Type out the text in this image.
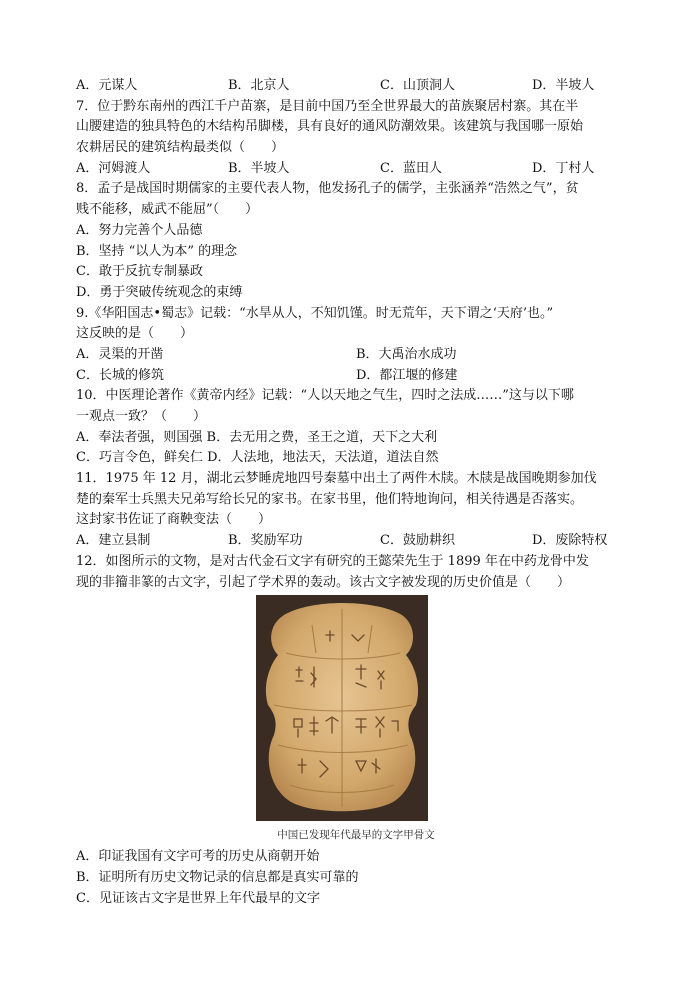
A．元谋人	B．北京人	C．山顶洞人	D．半坡人
7．位于黔东南州的西江千户苗寨，是目前中国乃至全世界最大的苗族聚居村寨。其在半
山腰建造的独具特色的木结构吊脚楼，具有良好的通风防潮效果。该建筑与我国哪一原始
农耕居民的建筑结构最类似（　　）
A．河姆渡人	B．半坡人	C．蓝田人	D．丁村人
8．孟子是战国时期儒家的主要代表人物，他发扬孔子的儒学，主张涵养“浩然之气”，贫
贱不能移，威武不能屈”（　　）
A．努力完善个人品德
B．坚持 “以人为本” 的理念
C．敢于反抗专制暴政
D．勇于突破传统观念的束缚
9.《华阳国志•蜀志》记载：“水旱从人，不知饥馑。时无荒年，天下谓之‘天府’也。”
这反映的是（　　）
A．灵渠的开凿	B．大禹治水成功
C．长城的修筑	D．都江堰的修建
10．中医理论著作《黄帝内经》记载：“人以天地之气生，四时之法成……”这与以下哪
一观点一致？（　　）
A．奉法者强，则国强 B．去无用之费，圣王之道，天下之大利
C．巧言令色，鲜矣仁 D．人法地，地法天，天法道，道法自然
11．1975 年 12 月，湖北云梦睡虎地四号秦墓中出土了两件木牍。木牍是战国晚期参加伐
楚的秦军士兵黑夫兄弟写给长兄的家书。在家书里，他们特地询问，相关待遇是否落实。
这封家书佐证了商鞅变法（　　）
A．建立县制	B．奖励军功	C．鼓励耕织	D．废除特权
12．如图所示的文物，是对古代金石文字有研究的王懿荣先生于 1899 年在中药龙骨中发
现的非籀非篆的古文字，引起了学术界的轰动。该古文字被发现的历史价值是（　　）
中国已发现年代最早的文字甲骨文
A．印证我国有文字可考的历史从商朝开始
B．证明所有历史文物记录的信息都是真实可靠的
C．见证该古文字是世界上年代最早的文字
